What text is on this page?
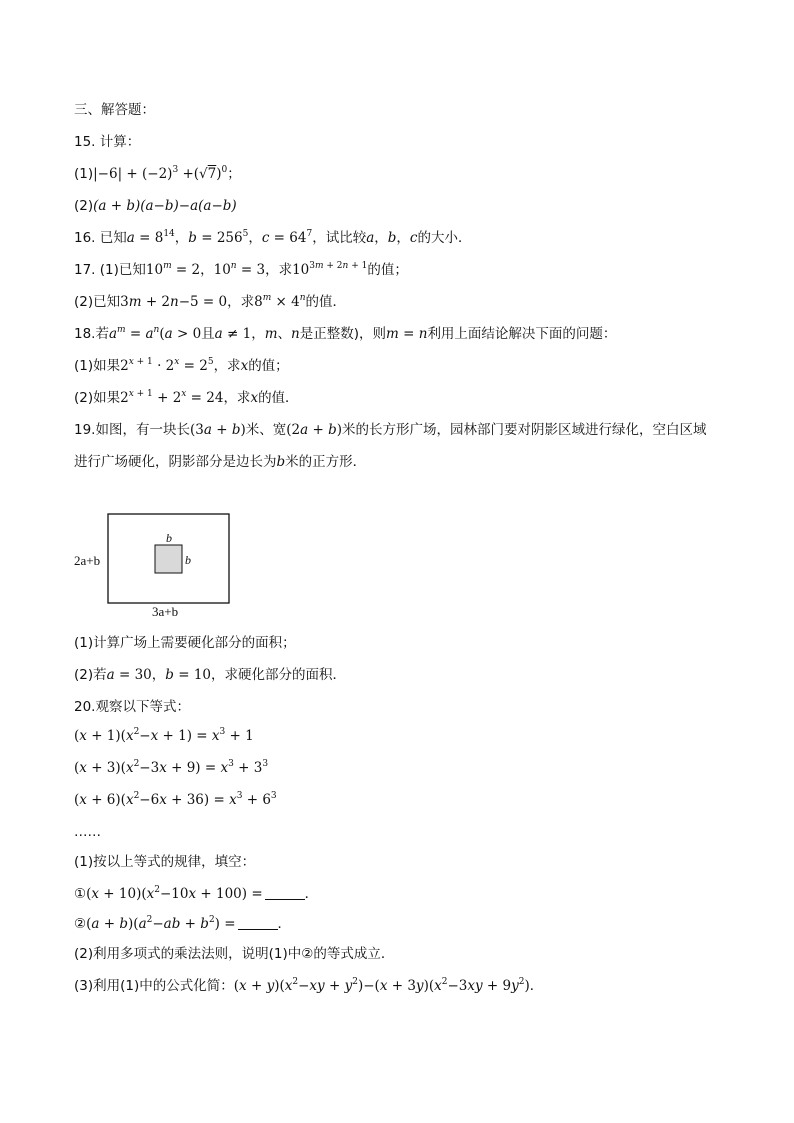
三、解答题：
15. 计算：
$(1)|-6| + (-2)^3 +(√7)^0$；
(2)(a + b)(a−b)−a(a−b)
16. 已知$a = 8^{14}$，$b = 256^5$，$c = 64^7$，试比较a，b，c的大小．
17. (1)已知$10^m = 2$，$10^n = 3$，求$10^{3m + 2n + 1}$的值；
(2)已知3m + 2n−5 = 0，求$8^m \times 4^n$的值．
18.若$a^m = a^n(a > 0$且a ≠ 1，m、n是正整数)，则m = n利用上面结论解决下面的问题：
(1)如果$2^{x + 1} \cdot 2^x = 2^5$，求x的值；
(2)如果$2^{x + 1} + 2^x = 24$，求x的值．
19.如图，有一块长(3a + b)米、宽(2a + b)米的长方形广场，园林部门要对阴影区域进行绿化，空白区域
进行广场硬化，阴影部分是边长为b米的正方形．
2a+b
3a+b
b
b
(1)计算广场上需要硬化部分的面积；
(2)若a = 30，b = 10，求硬化部分的面积．
20.观察以下等式：
$(x + 1)(x^2-x + 1) = x^3 + 1$
$(x + 3)(x^2-3x + 9) = x^3 + 3^3$
$(x + 6)(x^2-6x + 36) = x^3 + 6^3$
……
(1)按以上等式的规律，填空：
①(x + $10)(x^2-10x + 100)$ =	．
②(a + $b)(a^2-ab + b^2)$ =	．
(2)利用多项式的乘法法则，说明(1)中②的等式成立．
(3)利用(1)中的公式化简：$(x + y)(x^2-xy + y^2)-(x + 3y)(x^2-3xy + 9y^2)$．
